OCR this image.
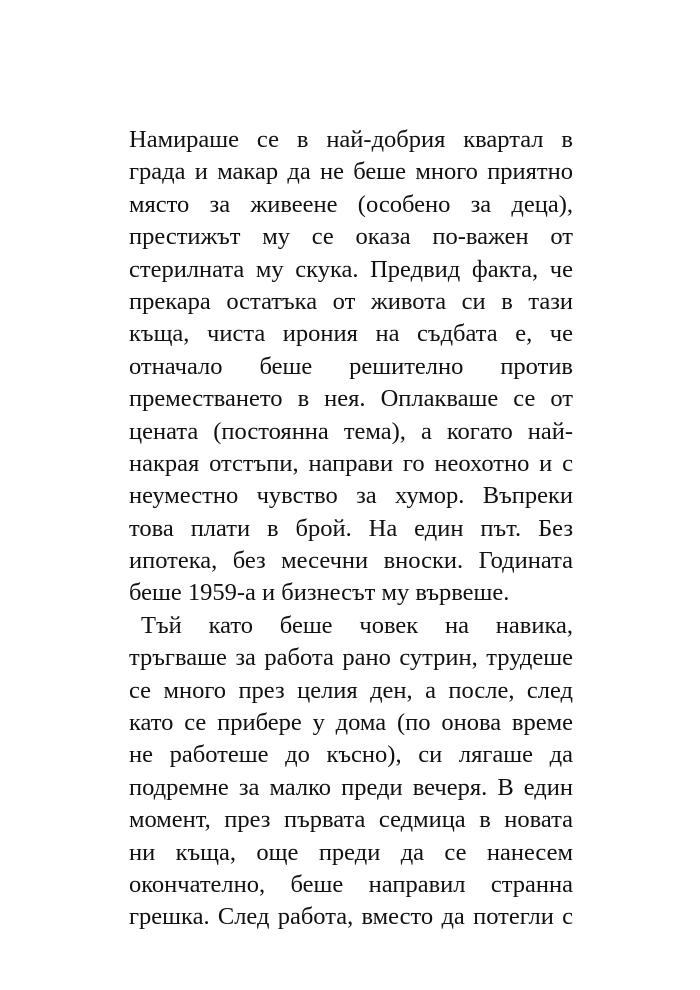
Намираше се в най-добрия квартал в
града и макар да не беше много приятно
място за живеене (особено за деца),
престижът му се оказа по-важен от
стерилната му скука. Предвид факта, че
прекара остатъка от живота си в тази
къща, чиста ирония на съдбата е, че
отначало беше решително против
преместването в нея. Оплакваше се от
цената (постоянна тема), а когато най-
накрая отстъпи, направи го неохотно и с
неуместно чувство за хумор. Въпреки
това плати в брой. На един път. Без
ипотека, без месечни вноски. Годината
беше 1959-а и бизнесът му вървеше.
Тъй като беше човек на навика,
тръгваше за работа рано сутрин, трудеше
се много през целия ден, а после, след
като се прибере у дома (по онова време
не работеше до късно), си лягаше да
подремне за малко преди вечеря. В един
момент, през първата седмица в новата
ни къща, още преди да се нанесем
окончателно, беше направил странна
грешка. След работа, вместо да потегли с
